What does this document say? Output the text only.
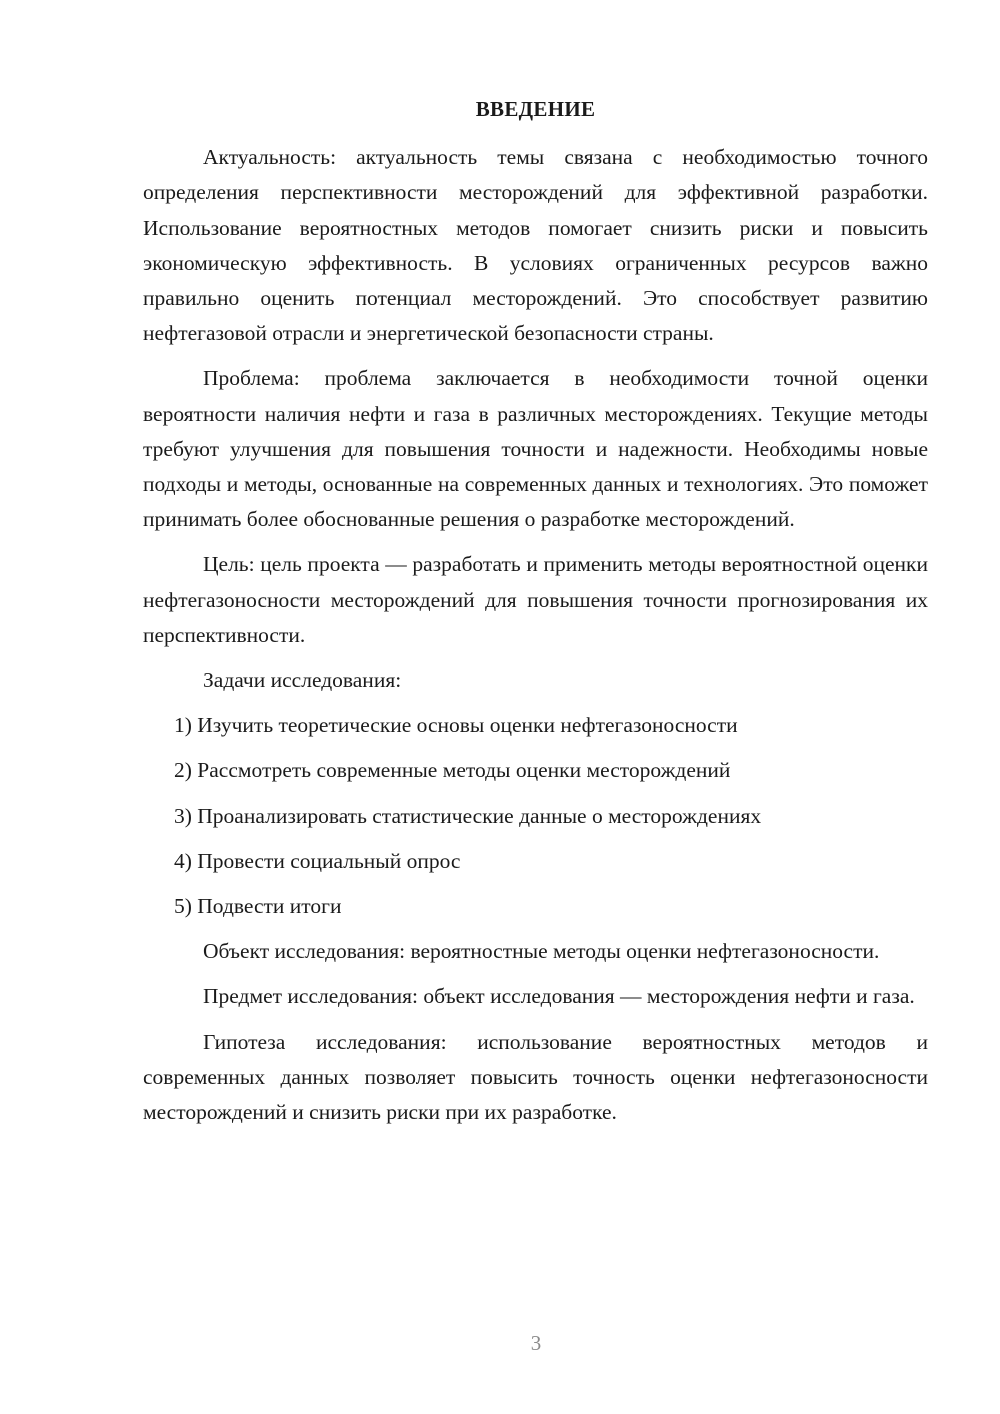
ВВЕДЕНИЕ

Актуальность: актуальность темы связана с необходимостью точного определения перспективности месторождений для эффективной разработки. Использование вероятностных методов помогает снизить риски и повысить экономическую эффективность. В условиях ограниченных ресурсов важно правильно оценить потенциал месторождений. Это способствует развитию нефтегазовой отрасли и энергетической безопасности страны.

Проблема: проблема заключается в необходимости точной оценки вероятности наличия нефти и газа в различных месторождениях. Текущие методы требуют улучшения для повышения точности и надежности. Необходимы новые подходы и методы, основанные на современных данных и технологиях. Это поможет принимать более обоснованные решения о разработке месторождений.

Цель: цель проекта — разработать и применить методы вероятностной оценки нефтегазоносности месторождений для повышения точности прогнозирования их перспективности.

Задачи исследования:

1) Изучить теоретические основы оценки нефтегазоносности
2) Рассмотреть современные методы оценки месторождений
3) Проанализировать статистические данные о месторождениях
4) Провести социальный опрос
5) Подвести итоги

Объект исследования: вероятностные методы оценки нефтегазоносности.

Предмет исследования: объект исследования — месторождения нефти и газа.

Гипотеза исследования: использование вероятностных методов и современных данных позволяет повысить точность оценки нефтегазоносности месторождений и снизить риски при их разработке.

3
